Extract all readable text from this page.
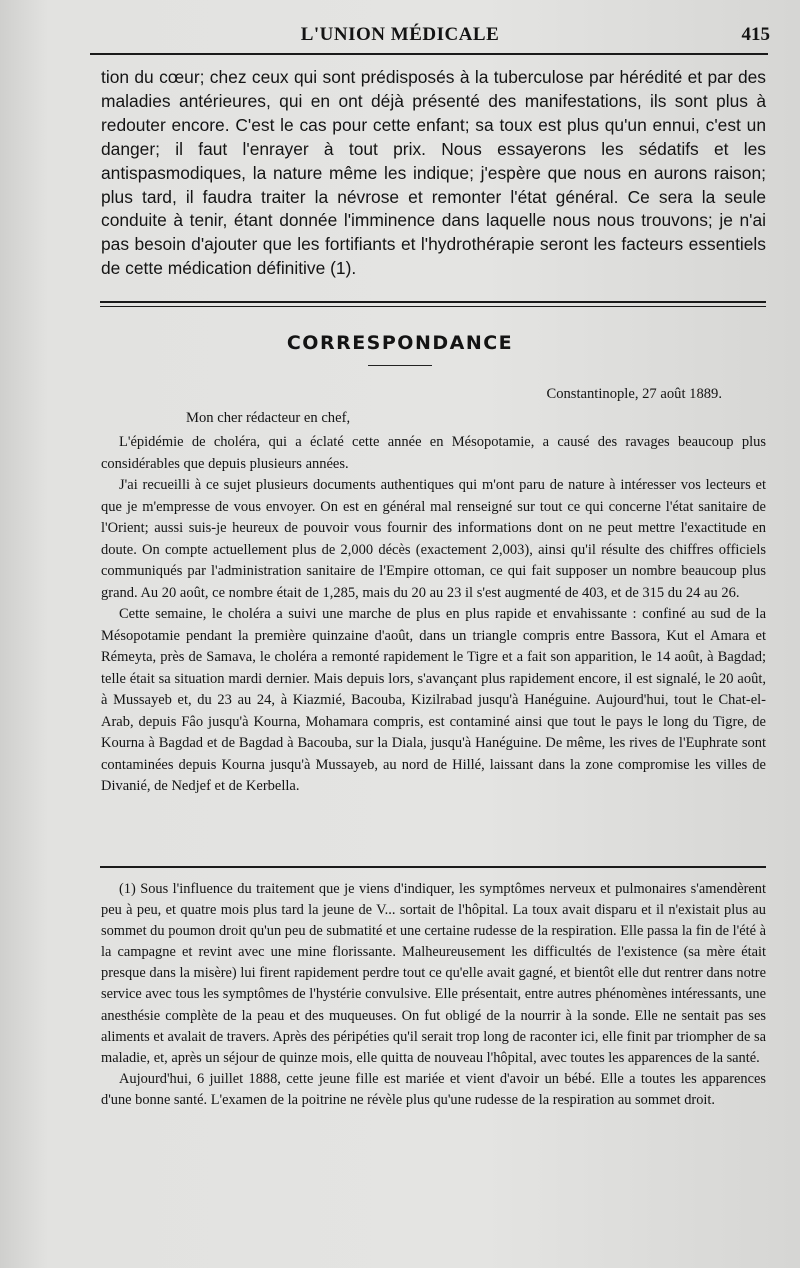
L'UNION MÉDICALE	415

tion du cœur; chez ceux qui sont prédisposés à la tuberculose par hérédité et par des maladies antérieures, qui en ont déjà présenté des manifestations, ils sont plus à redouter encore. C'est le cas pour cette enfant; sa toux est plus qu'un ennui, c'est un danger; il faut l'enrayer à tout prix. Nous essayerons les sédatifs et les antispasmodiques, la nature même les indique; j'espère que nous en aurons raison; plus tard, il faudra traiter la névrose et remonter l'état général. Ce sera la seule conduite à tenir, étant donnée l'imminence dans laquelle nous nous trouvons; je n'ai pas besoin d'ajouter que les fortifiants et l'hydrothérapie seront les facteurs essentiels de cette médication définitive (1).

CORRESPONDANCE
Constantinople, 27 août 1889.
Mon cher rédacteur en chef,

L'épidémie de choléra, qui a éclaté cette année en Mésopotamie, a causé des ravages beaucoup plus considérables que depuis plusieurs années.

J'ai recueilli à ce sujet plusieurs documents authentiques qui m'ont paru de nature à intéresser vos lecteurs et que je m'empresse de vous envoyer. On est en général mal renseigné sur tout ce qui concerne l'état sanitaire de l'Orient; aussi suis-je heureux de pouvoir vous fournir des informations dont on ne peut mettre l'exactitude en doute. On compte actuellement plus de 2,000 décès (exactement 2,003), ainsi qu'il résulte des chiffres officiels communiqués par l'administration sanitaire de l'Empire ottoman, ce qui fait supposer un nombre beaucoup plus grand. Au 20 août, ce nombre était de 1,285, mais du 20 au 23 il s'est augmenté de 403, et de 315 du 24 au 26.

Cette semaine, le choléra a suivi une marche de plus en plus rapide et envahissante : confiné au sud de la Mésopotamie pendant la première quinzaine d'août, dans un triangle compris entre Bassora, Kut el Amara et Rémeyta, près de Samava, le choléra a remonté rapidement le Tigre et a fait son apparition, le 14 août, à Bagdad; telle était sa situation mardi dernier. Mais depuis lors, s'avançant plus rapidement encore, il est signalé, le 20 août, à Mussayeb et, du 23 au 24, à Kiazmié, Bacouba, Kizilrabad jusqu'à Hanéguine. Aujourd'hui, tout le Chat-el-Arab, depuis Fâo jusqu'à Kourna, Mohamara compris, est contaminé ainsi que tout le pays le long du Tigre, de Kourna à Bagdad et de Bagdad à Bacouba, sur la Diala, jusqu'à Hanéguine. De même, les rives de l'Euphrate sont contaminées depuis Kourna jusqu'à Mussayeb, au nord de Hillé, laissant dans la zone compromise les villes de Divanié, de Nedjef et de Kerbella.

(1) Sous l'influence du traitement que je viens d'indiquer, les symptômes nerveux et pulmonaires s'amendèrent peu à peu, et quatre mois plus tard la jeune de V... sortait de l'hôpital. La toux avait disparu et il n'existait plus au sommet du poumon droit qu'un peu de submatité et une certaine rudesse de la respiration. Elle passa la fin de l'été à la campagne et revint avec une mine florissante. Malheureusement les difficultés de l'existence (sa mère était presque dans la misère) lui firent rapidement perdre tout ce qu'elle avait gagné, et bientôt elle dut rentrer dans notre service avec tous les symptômes de l'hystérie convulsive. Elle présentait, entre autres phénomènes intéressants, une anesthésie complète de la peau et des muqueuses. On fut obligé de la nourrir à la sonde. Elle ne sentait pas ses aliments et avalait de travers. Après des péripéties qu'il serait trop long de raconter ici, elle finit par triompher de sa maladie, et, après un séjour de quinze mois, elle quitta de nouveau l'hôpital, avec toutes les apparences de la santé.

Aujourd'hui, 6 juillet 1888, cette jeune fille est mariée et vient d'avoir un bébé. Elle a toutes les apparences d'une bonne santé. L'examen de la poitrine ne révèle plus qu'une rudesse de la respiration au sommet droit.
